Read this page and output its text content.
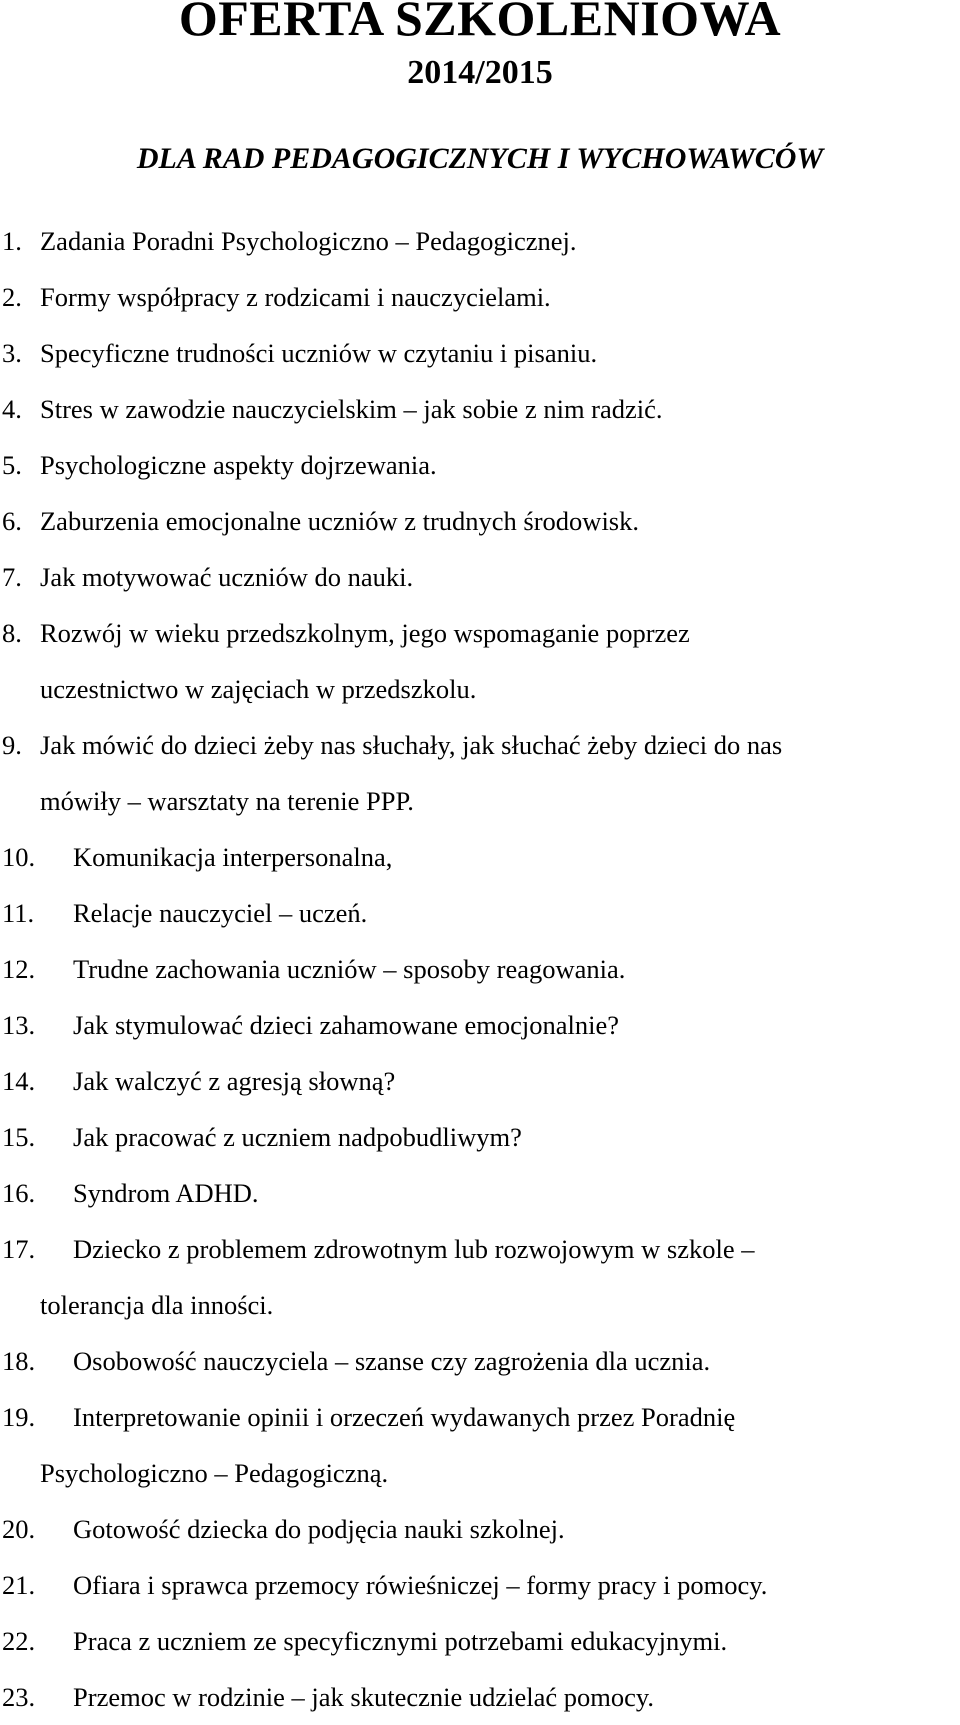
OFERTA SZKOLENIOWA
2014/2015
DLA RAD PEDAGOGICZNYCH I WYCHOWAWCÓW
1. Zadania Poradni Psychologiczno – Pedagogicznej.
2. Formy współpracy z rodzicami i nauczycielami.
3. Specyficzne trudności uczniów w czytaniu i pisaniu.
4. Stres w zawodzie nauczycielskim – jak sobie z nim radzić.
5. Psychologiczne aspekty dojrzewania.
6. Zaburzenia emocjonalne uczniów z trudnych środowisk.
7. Jak motywować uczniów do nauki.
8. Rozwój w wieku przedszkolnym, jego wspomaganie poprzez
uczestnictwo w zajęciach w przedszkolu.
9. Jak mówić do dzieci żeby nas słuchały, jak słuchać żeby dzieci do nas
mówiły – warsztaty na terenie PPP.
10. Komunikacja interpersonalna,
11. Relacje nauczyciel – uczeń.
12. Trudne zachowania uczniów – sposoby reagowania.
13. Jak stymulować dzieci zahamowane emocjonalnie?
14. Jak walczyć z agresją słowną?
15. Jak pracować z uczniem nadpobudliwym?
16. Syndrom ADHD.
17. Dziecko z problemem zdrowotnym lub rozwojowym w szkole –
tolerancja dla inności.
18. Osobowość nauczyciela – szanse czy zagrożenia dla ucznia.
19. Interpretowanie opinii i orzeczeń wydawanych przez Poradnię
Psychologiczno – Pedagogiczną.
20. Gotowość dziecka do podjęcia nauki szkolnej.
21. Ofiara i sprawca przemocy rówieśniczej – formy pracy i pomocy.
22. Praca z uczniem ze specyficznymi potrzebami edukacyjnymi.
23. Przemoc w rodzinie – jak skutecznie udzielać pomocy.
